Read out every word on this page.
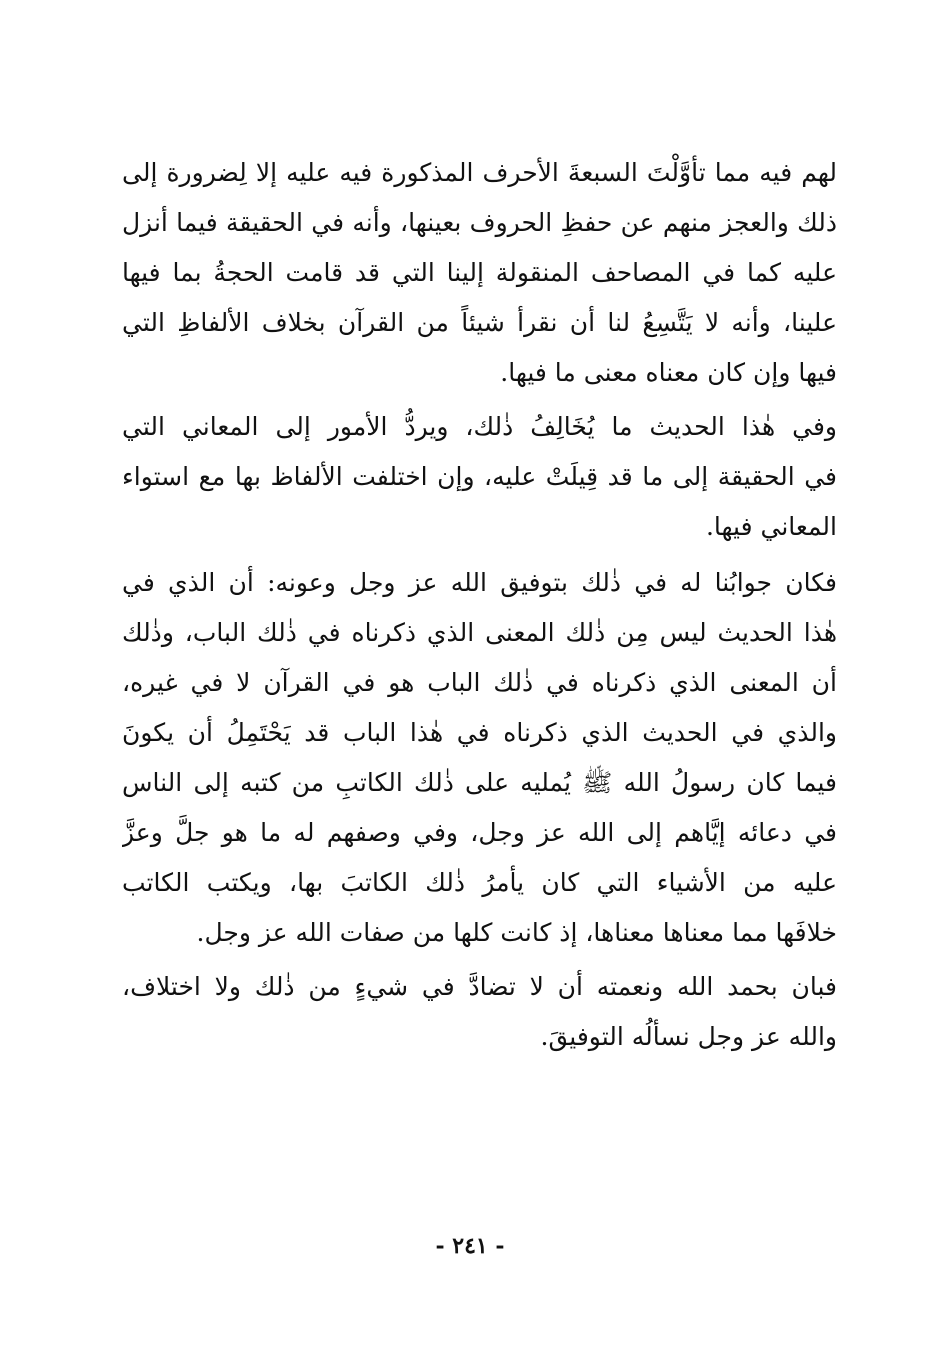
لهم فيه مما تأوَّلْتَ السبعةَ الأحرف المذكورة فيه عليه إلا لِضرورة إلى
ذلك والعجز منهم عن حفظِ الحروف بعينها، وأنه في الحقيقة فيما أنزل
عليه كما في المصاحف المنقولة إلينا التي قد قامت الحجةُ بما فيها
علينا، وأنه لا يَتَّسِعُ لنا أن نقرأ شيئاً من القرآن بخلاف الألفاظِ التي
فيها وإن كان معناه معنى ما فيها.
وفي هٰذا الحديث ما يُخَالِفُ ذٰلك، ويردُّ الأمور إلى المعاني التي
في الحقيقة إلى ما قد قِيلَتْ عليه، وإن اختلفت الألفاظ بها مع استواء
المعاني فيها.
فكان جوابُنا له في ذٰلك بتوفيق الله عز وجل وعونه: أن الذي في
هٰذا الحديث ليس مِن ذٰلك المعنى الذي ذكرناه في ذٰلك الباب، وذٰلك
أن المعنى الذي ذكرناه في ذٰلك الباب هو في القرآن لا في غيره،
والذي في الحديث الذي ذكرناه في هٰذا الباب قد يَحْتَمِلُ أن يكونَ
فيما كان رسولُ الله ﷺ يُمليه على ذٰلك الكاتبِ من كتبه إلى الناس
في دعائه إيَّاهم إلى الله عز وجل، وفي وصفهم له ما هو جلَّ وعزَّ
عليه من الأشياء التي كان يأمرُ ذٰلك الكاتبَ بها، ويكتب الكاتب
خلافَها مما معناها معناها، إذ كانت كلها من صفات الله عز وجل.
فبان بحمد الله ونعمته أن لا تضادَّ في شيءٍ من ذٰلك ولا اختلاف،
والله عز وجل نسألُه التوفيقَ.
- ٢٤١ -
